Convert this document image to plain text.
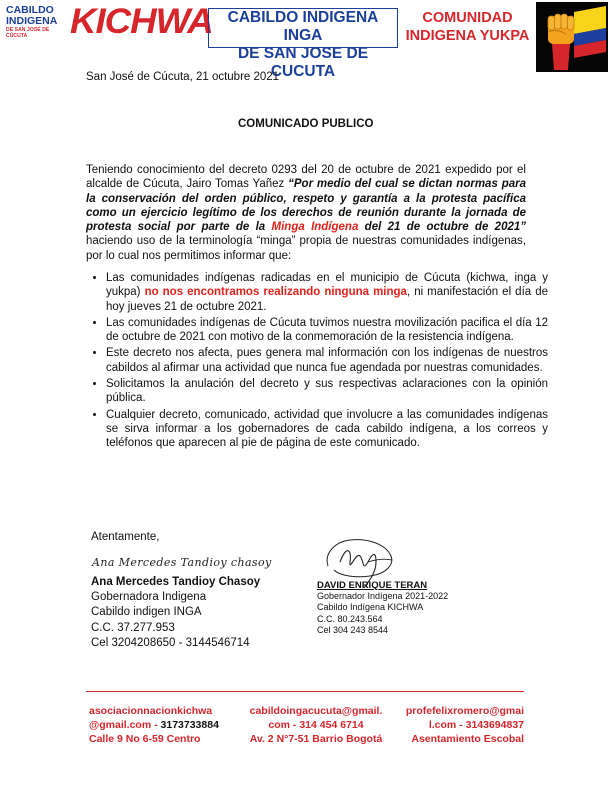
CABILDO
INDIGENA
DE SAN JOSÉ DE CÚCUTA	KICHWA CABILDO INDIGENA INGA
DE SAN JOSE DE CUCUTA
COMUNIDAD
INDIGENA YUKPA
San José de Cúcuta, 21 octubre 2021
COMUNICADO PUBLICO
Teniendo conocimiento del decreto 0293 del 20 de octubre de 2021 expedido por el alcalde de Cúcuta, Jairo Tomas Yañez “Por medio del cual se dictan normas para la conservación del orden público, respeto y garantía a la protesta pacífica como un ejercicio legítimo de los derechos de reunión durante la jornada de protesta social por parte de la Minga Indígena del 21 de octubre de 2021” haciendo uso de la terminología “minga” propia de nuestras comunidades indígenas, por lo cual nos permitimos informar que:
• Las comunidades indígenas radicadas en el municipio de Cúcuta (kichwa, inga y yukpa) no nos encontramos realizando ninguna minga, ni manifestación el día de hoy jueves 21 de octubre 2021.
• Las comunidades indígenas de Cúcuta tuvimos nuestra movilización pacifica el día 12 de octubre de 2021 con motivo de la conmemoración de la resistencia indígena.
• Este decreto nos afecta, pues genera mal información con los indígenas de nuestros cabildos al afirmar una actividad que nunca fue agendada por nuestras comunidades.
• Solicitamos la anulación del decreto y sus respectivas aclaraciones con la opinión pública.
• Cualquier decreto, comunicado, actividad que involucre a las comunidades indígenas se sirva informar a los gobernadores de cada cabildo indígena, a los correos y teléfonos que aparecen al pie de página de este comunicado.
Atentamente,
Ana Mercedes Tandioy chasoy
Ana Mercedes Tandioy Chasoy
Gobernadora Indigena
Cabildo indigen INGA
C.C. 37.277.953
Cel 3204208650 - 3144546714
DAVID ENRIQUE TERAN
Gobernador Indígena 2021-2022
Cabildo Indígena KICHWA
C.C. 80.243.564
Cel 304 243 8544
asociacionnacionkichwa
@gmail.com - 3173733884
Calle 9 No 6-59 Centro
cabildoingacucuta@gmail.
com - 314 454 6714
Av. 2 N°7-51 Barrio Bogotá
profefelixromero@gmai
l.com - 3143694837
Asentamiento Escobal
